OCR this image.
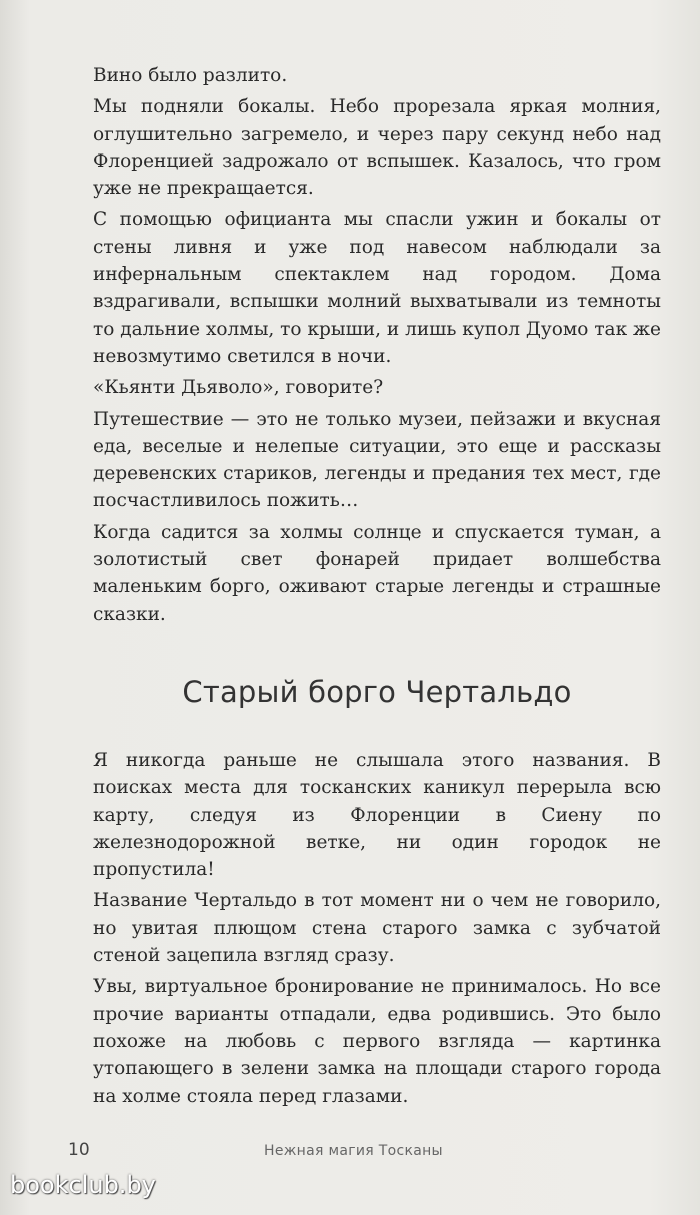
Вино было разлито.

Мы подняли бокалы. Небо прорезала яркая молния, оглушительно загремело, и через пару секунд небо над Флоренцией задрожало от вспышек. Казалось, что гром уже не прекращается.

С помощью официанта мы спасли ужин и бокалы от стены ливня и уже под навесом наблюдали за инфернальным спектаклем над городом. Дома вздрагивали, вспышки молний выхватывали из темноты то дальние холмы, то крыши, и лишь купол Дуомо так же невозмутимо светился в ночи.

«Кьянти Дьяволо», говорите?

Путешествие — это не только музеи, пейзажи и вкусная еда, веселые и нелепые ситуации, это еще и рассказы деревенских стариков, легенды и предания тех мест, где посчастливилось пожить…

Когда садится за холмы солнце и спускается туман, а золотистый свет фонарей придает волшебства маленьким борго, оживают старые легенды и страшные сказки.

Старый борго Чертальдо

Я никогда раньше не слышала этого названия. В поисках места для тосканских каникул перерыла всю карту, следуя из Флоренции в Сиену по железнодорожной ветке, ни один городок не пропустила!

Название Чертальдо в тот момент ни о чем не говорило, но увитая плющом стена старого замка с зубчатой стеной зацепила взгляд сразу.

Увы, виртуальное бронирование не принималось. Но все прочие варианты отпадали, едва родившись. Это было похоже на любовь с первого взгляда — картинка утопающего в зелени замка на площади старого города на холме стояла перед глазами.

10	Нежная магия Тосканы
bookclub.by
